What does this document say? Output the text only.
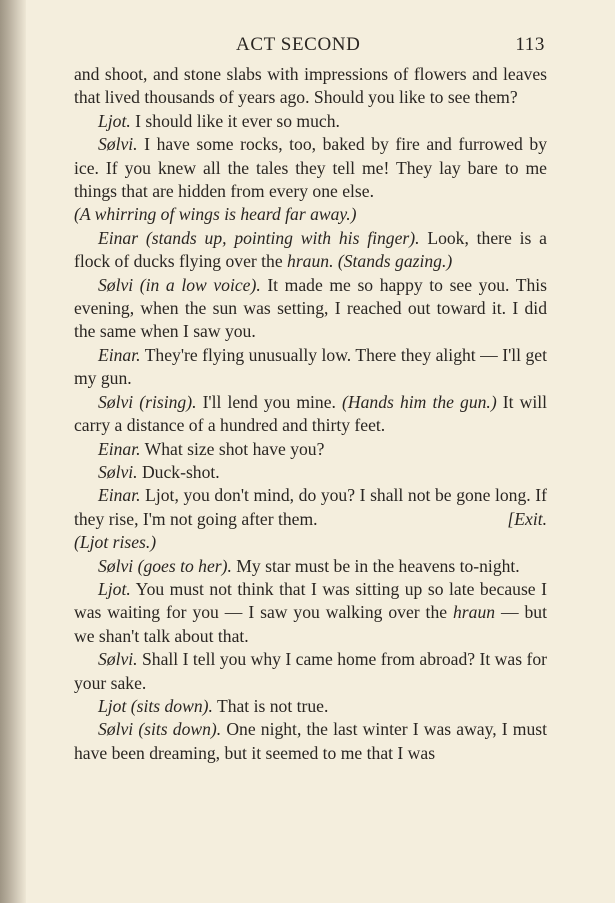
ACT SECOND	113

and shoot, and stone slabs with impressions of flowers and leaves that lived thousands of years ago. Should you like to see them?

Ljot. I should like it ever so much.

Sølvi. I have some rocks, too, baked by fire and furrowed by ice. If you knew all the tales they tell me! They lay bare to me things that are hidden from every one else.

(A whirring of wings is heard far away.)

Einar (stands up, pointing with his finger). Look, there is a flock of ducks flying over the hraun. (Stands gazing.)

Sølvi (in a low voice). It made me so happy to see you. This evening, when the sun was setting, I reached out toward it. I did the same when I saw you.

Einar. They're flying unusually low. There they alight — I'll get my gun.

Sølvi (rising). I'll lend you mine. (Hands him the gun.) It will carry a distance of a hundred and thirty feet.

Einar. What size shot have you?

Sølvi. Duck-shot.

Einar. Ljot, you don't mind, do you? I shall not be gone long. If they rise, I'm not going after them.	[Exit.

(Ljot rises.)

Sølvi (goes to her). My star must be in the heavens to-night.

Ljot. You must not think that I was sitting up so late because I was waiting for you — I saw you walking over the hraun — but we shan't talk about that.

Sølvi. Shall I tell you why I came home from abroad? It was for your sake.

Ljot (sits down). That is not true.

Sølvi (sits down). One night, the last winter I was away, I must have been dreaming, but it seemed to me that I was
